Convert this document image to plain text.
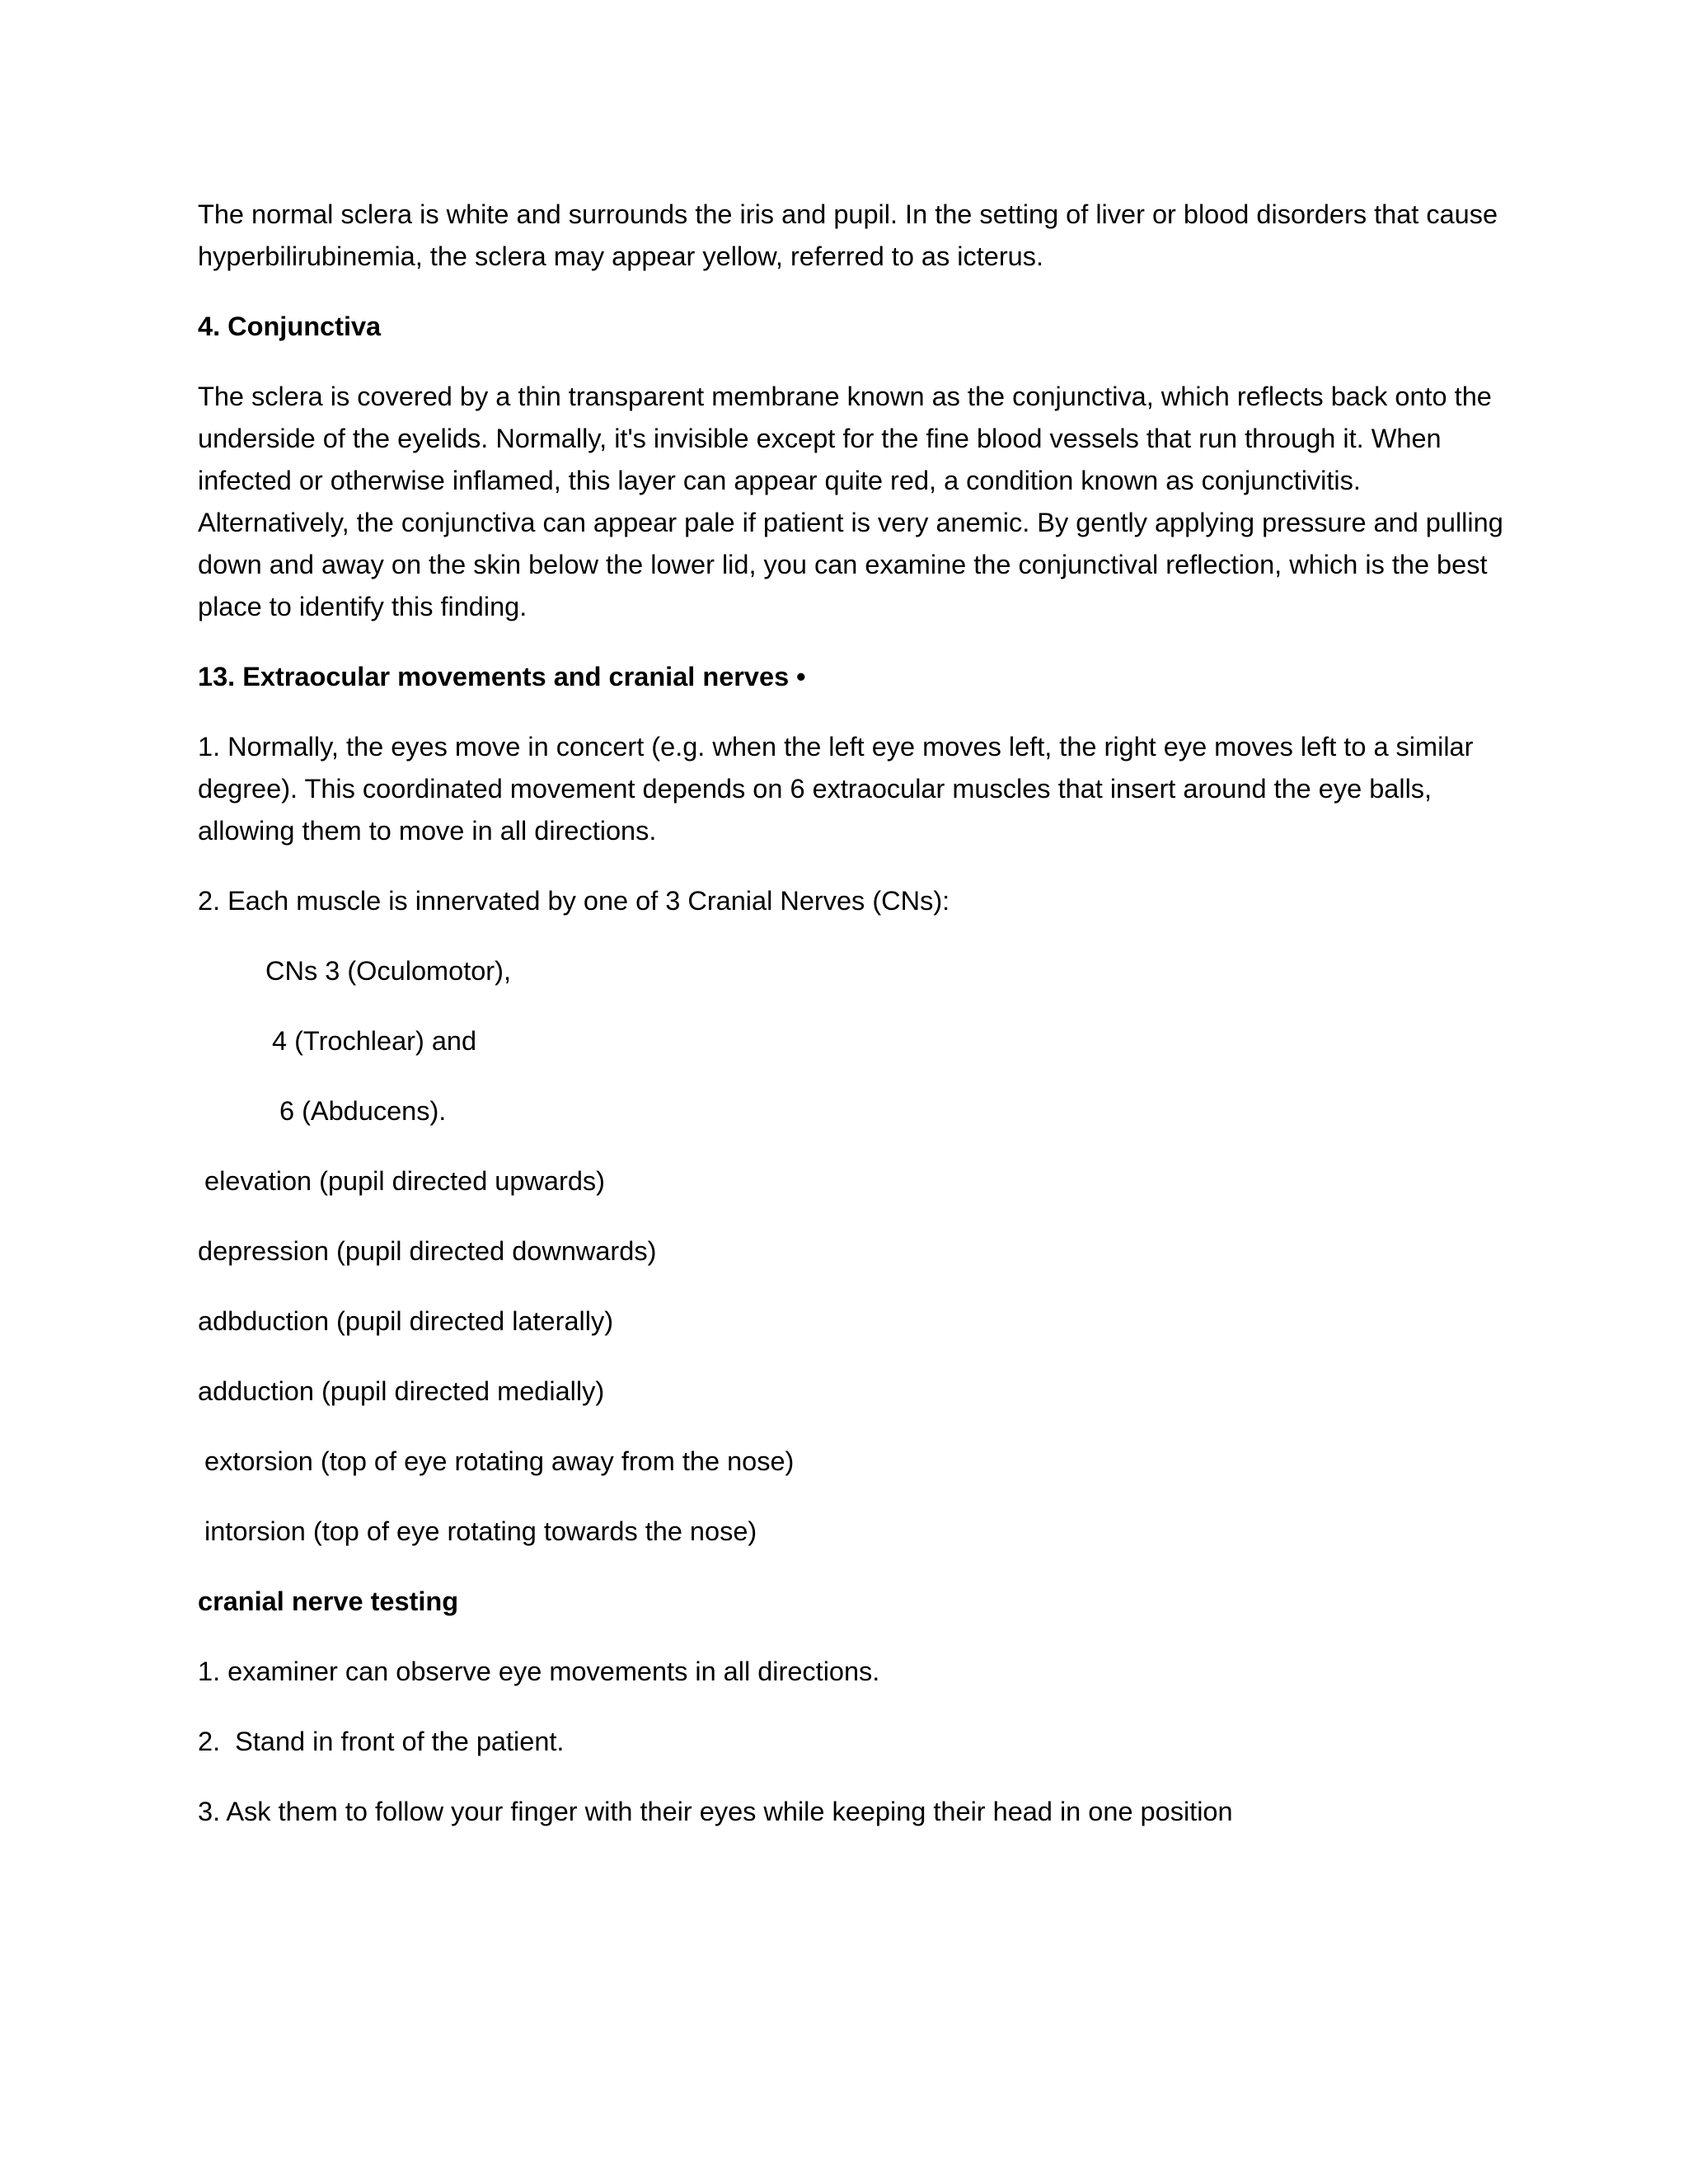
The normal sclera is white and surrounds the iris and pupil. In the setting of liver or blood disorders that cause hyperbilirubinemia, the sclera may appear yellow, referred to as icterus.

4. Conjunctiva

The sclera is covered by a thin transparent membrane known as the conjunctiva, which reflects back onto the underside of the eyelids. Normally, it's invisible except for the fine blood vessels that run through it. When infected or otherwise inflamed, this layer can appear quite red, a condition known as conjunctivitis. Alternatively, the conjunctiva can appear pale if patient is very anemic. By gently applying pressure and pulling down and away on the skin below the lower lid, you can examine the conjunctival reflection, which is the best place to identify this finding.

13. Extraocular movements and cranial nerves •

1. Normally, the eyes move in concert (e.g. when the left eye moves left, the right eye moves left to a similar degree). This coordinated movement depends on 6 extraocular muscles that insert around the eye balls, allowing them to move in all directions.

2. Each muscle is innervated by one of 3 Cranial Nerves (CNs):

CNs 3 (Oculomotor),

4 (Trochlear) and

6 (Abducens).

elevation (pupil directed upwards)

depression (pupil directed downwards)

adbduction (pupil directed laterally)

adduction (pupil directed medially)

extorsion (top of eye rotating away from the nose)

intorsion (top of eye rotating towards the nose)

cranial nerve testing

1. examiner can observe eye movements in all directions.

2.  Stand in front of the patient.

3. Ask them to follow your finger with their eyes while keeping their head in one position
